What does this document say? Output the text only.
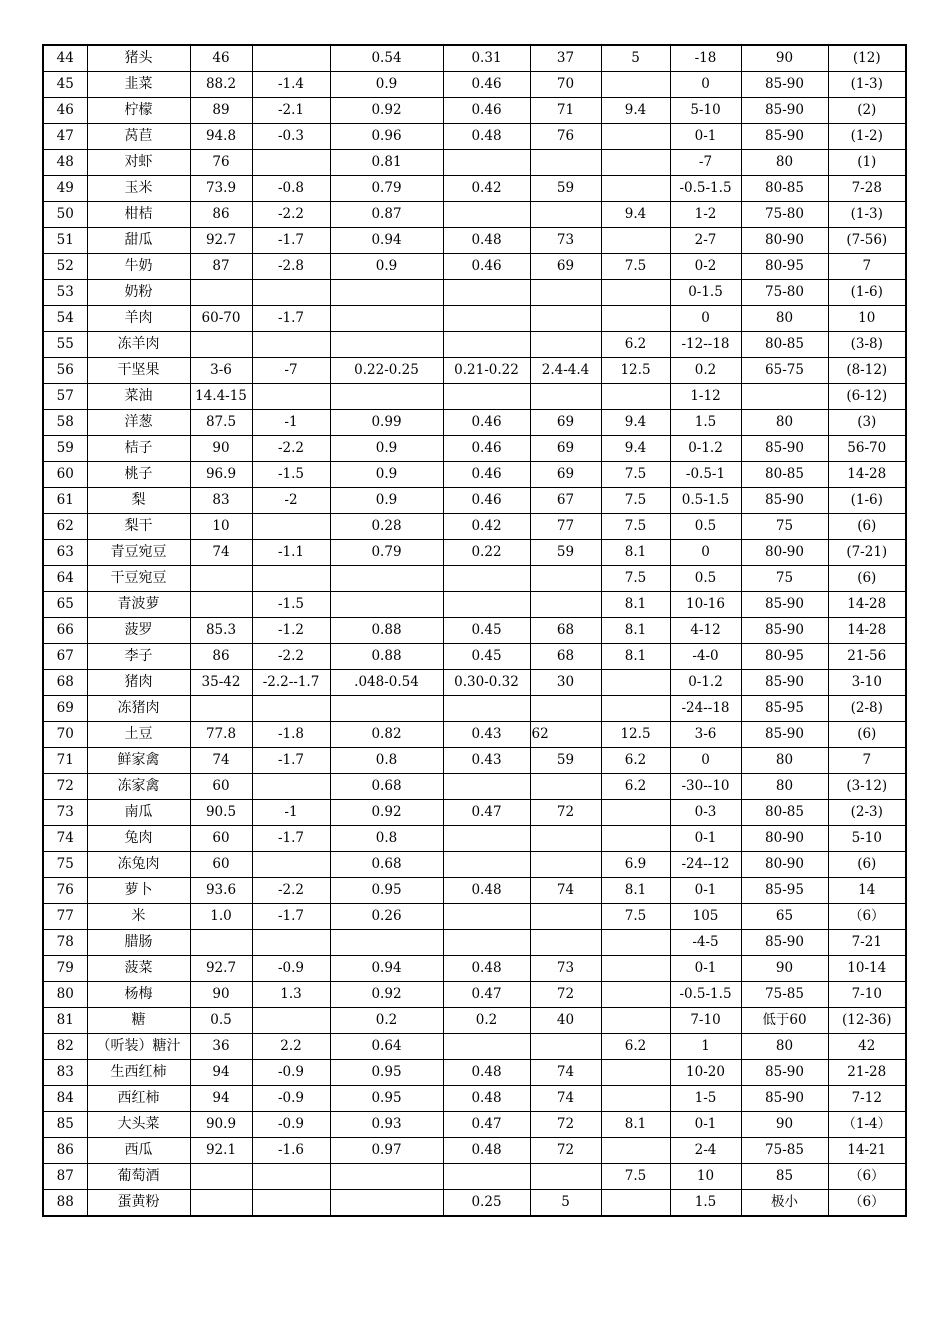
44	猪头	46		0.54	0.31	37	5	-18	90	(12)
45	韭菜	88.2	-1.4	0.9	0.46	70		0	85-90	(1-3)
46	柠檬	89	-2.1	0.92	0.46	71	9.4	5-10	85-90	(2)
47	莴苣	94.8	-0.3	0.96	0.48	76		0-1	85-90	(1-2)
48	对虾	76		0.81				-7	80	(1)
49	玉米	73.9	-0.8	0.79	0.42	59		-0.5-1.5	80-85	7-28
50	柑桔	86	-2.2	0.87			9.4	1-2	75-80	(1-3)
51	甜瓜	92.7	-1.7	0.94	0.48	73		2-7	80-90	(7-56)
52	牛奶	87	-2.8	0.9	0.46	69	7.5	0-2	80-95	7
53	奶粉							0-1.5	75-80	(1-6)
54	羊肉	60-70	-1.7					0	80	10
55	冻羊肉						6.2	-12--18	80-85	(3-8)
56	干坚果	3-6	-7	0.22-0.25	0.21-0.22	2.4-4.4	12.5	0.2	65-75	(8-12)
57	菜油	14.4-15						1-12		(6-12)
58	洋葱	87.5	-1	0.99	0.46	69	9.4	1.5	80	(3)
59	桔子	90	-2.2	0.9	0.46	69	9.4	0-1.2	85-90	56-70
60	桃子	96.9	-1.5	0.9	0.46	69	7.5	-0.5-1	80-85	14-28
61	梨	83	-2	0.9	0.46	67	7.5	0.5-1.5	85-90	(1-6)
62	梨干	10		0.28	0.42	77	7.5	0.5	75	(6)
63	青豆宛豆	74	-1.1	0.79	0.22	59	8.1	0	80-90	(7-21)
64	干豆宛豆						7.5	0.5	75	(6)
65	青波萝		-1.5				8.1	10-16	85-90	14-28
66	菠罗	85.3	-1.2	0.88	0.45	68	8.1	4-12	85-90	14-28
67	李子	86	-2.2	0.88	0.45	68	8.1	-4-0	80-95	21-56
68	猪肉	35-42	-2.2--1.7	.048-0.54	0.30-0.32	30		0-1.2	85-90	3-10
69	冻猪肉							-24--18	85-95	(2-8)
70	土豆	77.8	-1.8	0.82	0.43	62	12.5	3-6	85-90	(6)
71	鲜家禽	74	-1.7	0.8	0.43	59	6.2	0	80	7
72	冻家禽	60		0.68			6.2	-30--10	80	(3-12)
73	南瓜	90.5	-1	0.92	0.47	72		0-3	80-85	(2-3)
74	兔肉	60	-1.7	0.8				0-1	80-90	5-10
75	冻兔肉	60		0.68			6.9	-24--12	80-90	(6)
76	萝卜	93.6	-2.2	0.95	0.48	74	8.1	0-1	85-95	14
77	米	1.0	-1.7	0.26			7.5	105	65	（6）
78	腊肠							-4-5	85-90	7-21
79	菠菜	92.7	-0.9	0.94	0.48	73		0-1	90	10-14
80	杨梅	90	1.3	0.92	0.47	72		-0.5-1.5	75-85	7-10
81	糖	0.5		0.2	0.2	40		7-10	低于60	(12-36)
82	（听装）糖汁	36	2.2	0.64			6.2	1	80	42
83	生西红柿	94	-0.9	0.95	0.48	74		10-20	85-90	21-28
84	西红柿	94	-0.9	0.95	0.48	74		1-5	85-90	7-12
85	大头菜	90.9	-0.9	0.93	0.47	72	8.1	0-1	90	（1-4）
86	西瓜	92.1	-1.6	0.97	0.48	72		2-4	75-85	14-21
87	葡萄酒						7.5	10	85	（6）
88	蛋黄粉				0.25	5		1.5	极小	（6）
